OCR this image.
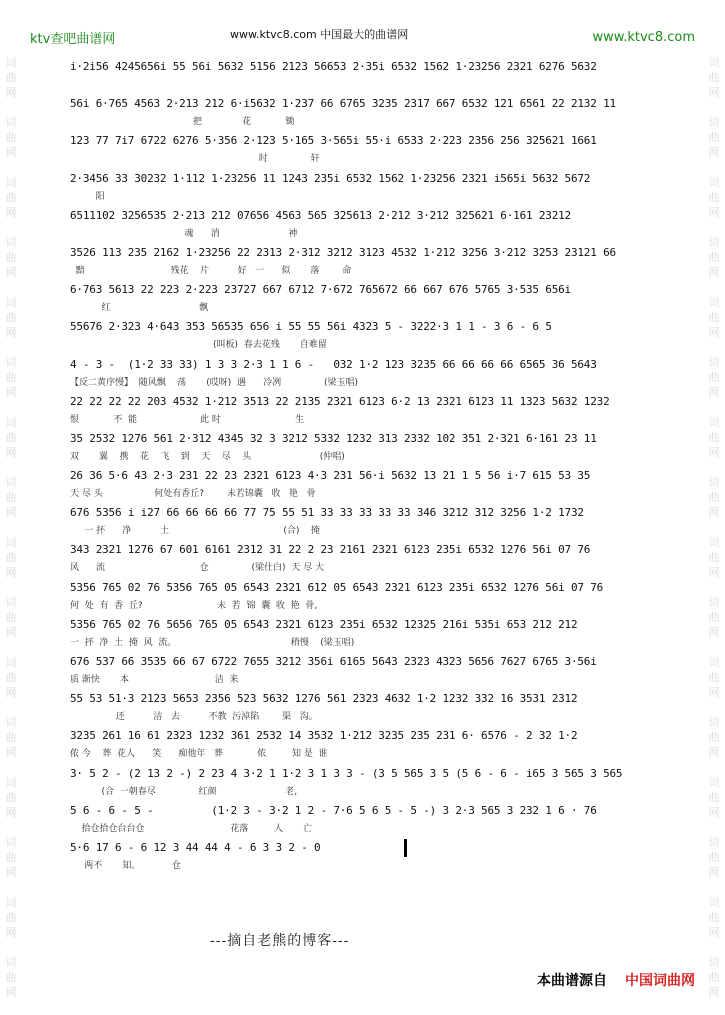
ktv查吧曲谱网	www.ktvc8.com 中国最大的曲谱网	www.ktvc8.com
词
曲
网

词
曲
网

词
曲
网

词
曲
网

词
曲
网

词
曲
网

词
曲
网

词
曲
网

词
曲
网

词
曲
网

词
曲
网

词
曲
网

词
曲
网

词
曲
网

词
曲
网

词
曲
网

词
曲
网

词
曲
网

词
曲
网

词
曲
网

词
曲
网

词
曲
网

词
曲
网

词
曲
网

词
曲
网

词
曲
网

词
曲
网

词
曲
网

词
曲
网

词
曲
网

词
曲
网

词
曲
网

i·2i56 4245656i 55 56i 5632 5156 2123 56653 2·35i 6532 1562 1·23256 2321 6276 5632
56i 6·765 4563 2·213 212 6·i5632 1·237 66 6765 3235 2317 667 6532 121 6561 22 2132 11
把              花            锄
123 77 7i7 6722 6276 5·356 2·123 5·165 3·565i 55·i 6533 2·223 2356 256 325621 1661
时               轩
2·3456 33 30232 1·112 1·23256 11 1243 235i 6532 1562 1·23256 2321 i565i 5632 5672
阳
6511102 3256535 2·213 212 07656 4563 565 325613 2·212 3·212 325621 6·161 23212
魂      消                        神
3526 113 235 2162 1·23256 22 2313 2·312 3212 3123 4532 1·212 3256 3·212 3253 23121 66
黯                              残花    片          好   一      似       落        命
6·763 5613 22 223 2·223 23727 667 6712 7·672 765672 66 667 676 5765 3·535 656i
红                               飘
55676 2·323 4·643 353 56535 656 i 55 55 56i 4323 5 - 3222·3 1 1 - 3 6 - 6 5
(叫板)  春去花残       自难留
4 - 3 -  (1·2 33 33) 1 3 3 2·3 1 1 6 -   032 1·2 123 3235 66 66 66 66 6565 36 5643
【反二黄序慢】  随风飘    荡       (哎呀)  遇      冷冽               (梁玉唱)
22 22 22 22 203 4532 1·212 3513 22 2135 2321 6123 6·2 13 2321 6123 11 1323 5632 1232
恨            不  能                      此 时                          生
35 2532 1276 561 2·312 4345 32 3 3212 5332 1232 313 2332 102 351 2·321 6·161 23 11
双       翼    携    花    飞    到    天    尽    头                        (仲唱)
26 36 5·6 43 2·3 231 22 23 2321 6123 4·3 231 56·i 5632 13 21 1 5 56 i·7 615 53 35
天 尽 头                  何处有香丘?        未若锦囊   收   艳   骨
676 5356 i i27 66 66 66 66 77 75 55 51 33 33 33 33 33 346 3212 312 3256 1·2 1732
一 抔      净          土                                        (合)    掩
343 2321 1276 67 601 6161 2312 31 22 2 23 2161 2321 6123 235i 6532 1276 56i 07 76
风      流                                 仓               (梁仕白)  天 尽 大
5356 765 02 76 5356 765 05 6543 2321 612 05 6543 2321 6123 235i 6532 1276 56i 07 76
何  处  有  香  丘?                          未  若  锦  囊  收  艳  骨,
5356 765 02 76 5656 765 05 6543 2321 6123 235i 6532 12325 216i 535i 653 212 212
一  抔  净  土  掩  风  流。                                        稍慢    (梁玉唱)
676 537 66 3535 66 67 6722 7655 3212 356i 6165 5643 2323 4323 5656 7627 6765 3·56i
质 渐快       本                              洁  来
55 53 51·3 2123 5653 2356 523 5632 1276 561 2323 4632 1·2 1232 332 16 3531 2312
还          洁   去          不教  污淖陷        渠   沟。
3235 261 16 61 2323 1232 361 2532 14 3532 1·212 3235 235 231 6· 6576 - 2 32 1·2
侬 今    葬  花人      笑      痴他年   葬            侬         知 是  谁
3· 5 2 - (2 13 2 -) 2 23 4 3·2 1 1·2 3 1 3 3 - (3 5 565 3 5 (5 6 - 6 - i65 3 565 3 565
(合  一朝春尽               红颜                        老,
5 6 - 6 - 5 -         (1·2 3 - 3·2 1 2 - 7·6 5 6 5 - 5 -) 3 2·3 565 3 232 1 6 · 76
拾仓拾仓台台仓                              花落         人       亡
5·6 17 6 - 6 12 3 44 44 4 - 6 3 3 2 - 0
两不       知。           仓
---摘自老熊的博客---
本曲谱源自 中国词曲网
